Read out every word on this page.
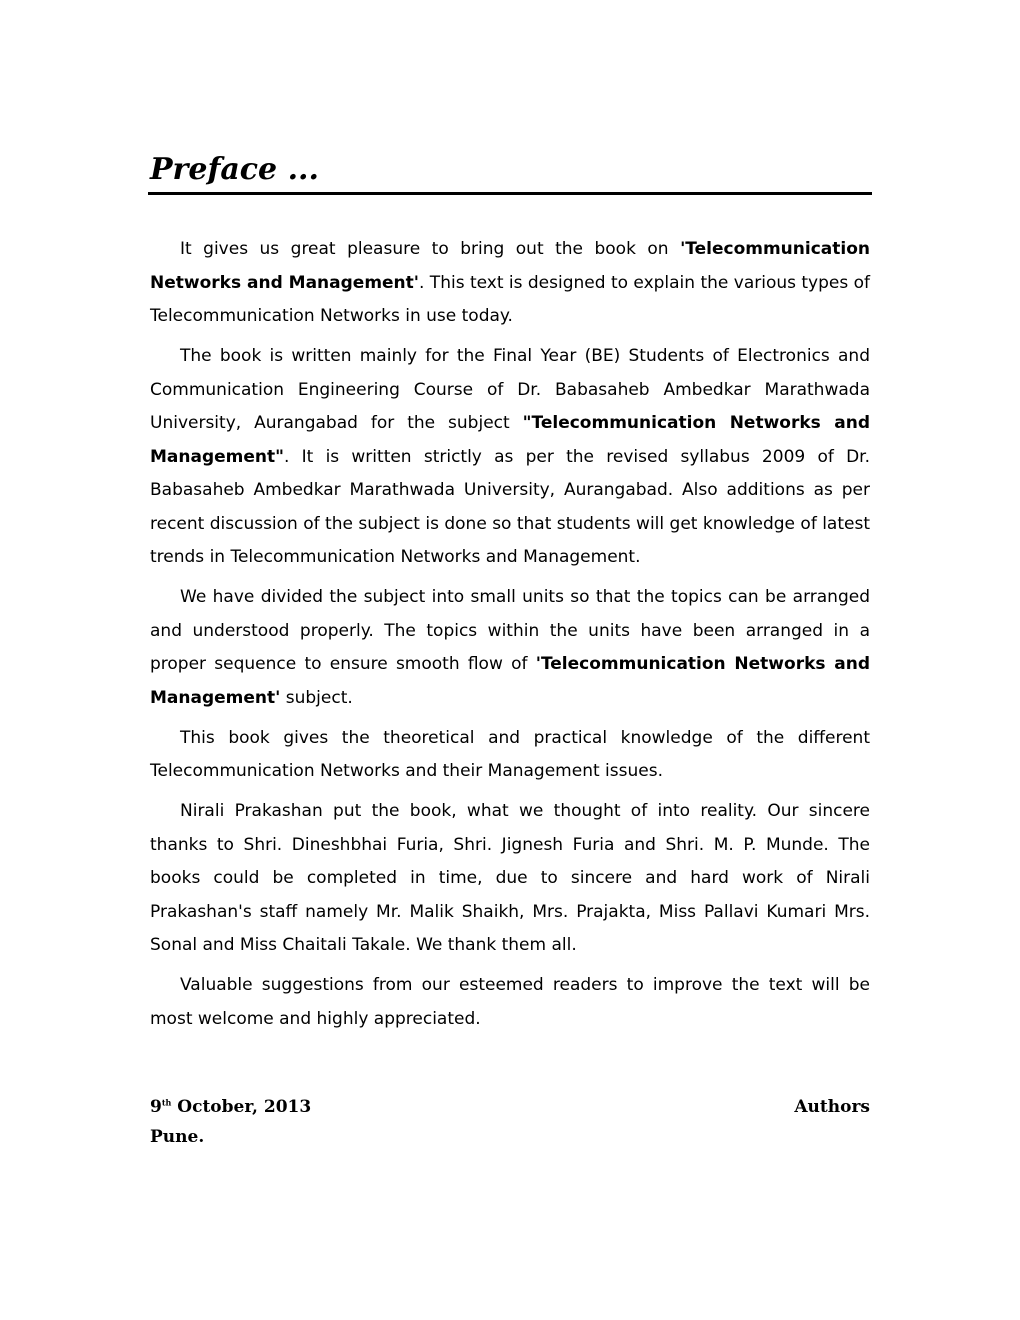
Preface ...

It gives us great pleasure to bring out the book on 'Telecommunication Networks and Management'. This text is designed to explain the various types of Telecommunication Networks in use today.

The book is written mainly for the Final Year (BE) Students of Electronics and Communication Engineering Course of Dr. Babasaheb Ambedkar Marathwada University, Aurangabad for the subject "Telecommunication Networks and Management". It is written strictly as per the revised syllabus 2009 of Dr. Babasaheb Ambedkar Marathwada University, Aurangabad. Also additions as per recent discussion of the subject is done so that students will get knowledge of latest trends in Telecommunication Networks and Management.

We have divided the subject into small units so that the topics can be arranged and understood properly. The topics within the units have been arranged in a proper sequence to ensure smooth flow of 'Telecommunication Networks and Management' subject.

This book gives the theoretical and practical knowledge of the different Telecommunication Networks and their Management issues.

Nirali Prakashan put the book, what we thought of into reality. Our sincere thanks to Shri. Dineshbhai Furia, Shri. Jignesh Furia and Shri. M. P. Munde. The books could be completed in time, due to sincere and hard work of Nirali Prakashan's staff namely Mr. Malik Shaikh, Mrs. Prajakta, Miss Pallavi Kumari Mrs. Sonal and Miss Chaitali Takale. We thank them all.

Valuable suggestions from our esteemed readers to improve the text will be most welcome and highly appreciated.

9th October, 2013	Authors
Pune.
